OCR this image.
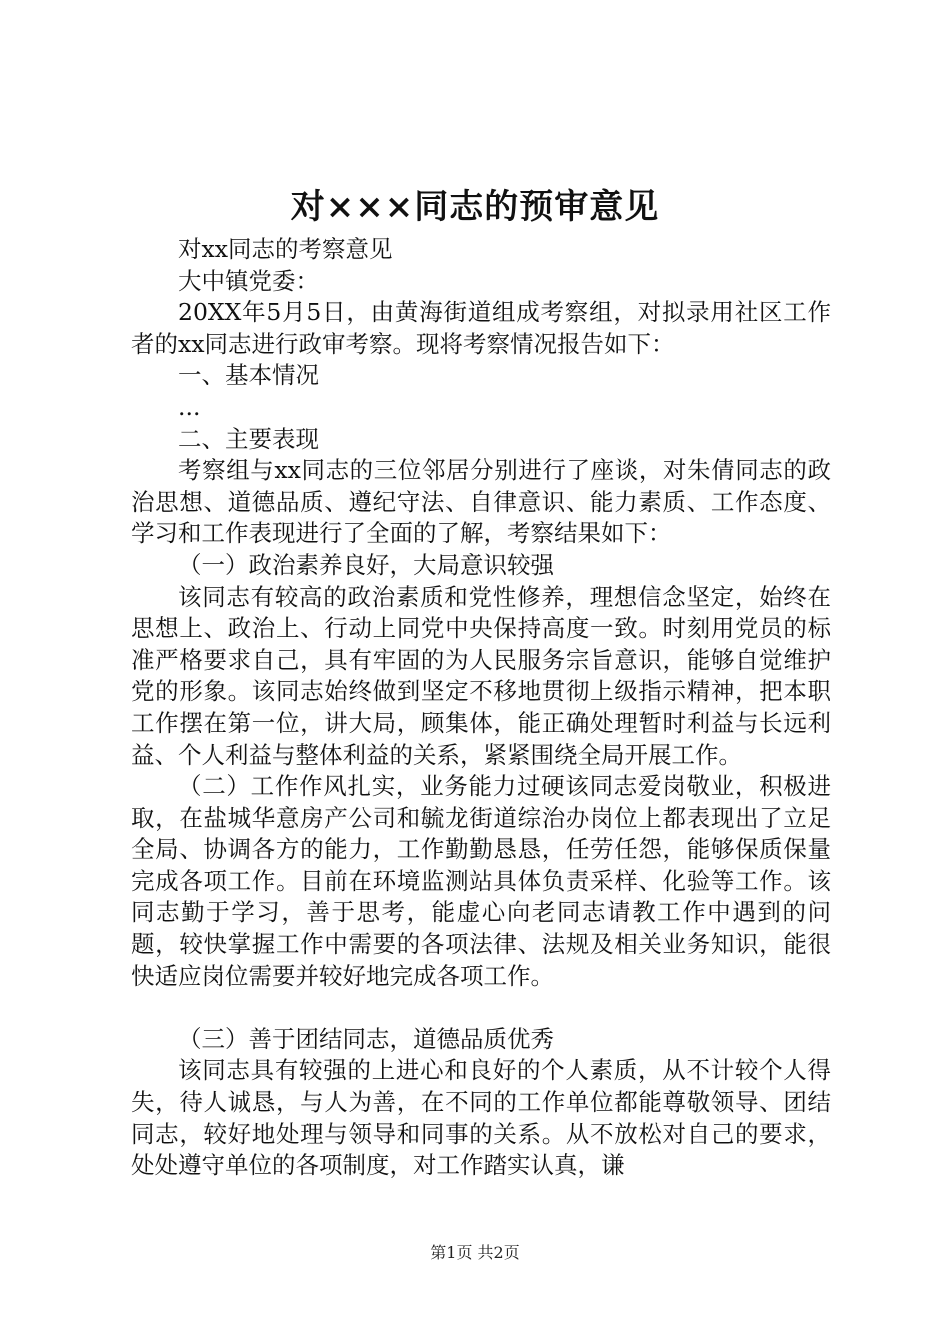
对×××同志的预审意见

对xx同志的考察意见

大中镇党委：

20XX年5月5日，由黄海街道组成考察组，对拟录用社区工作者的xx同志进行政审考察。现将考察情况报告如下：

一、基本情况

...

二、主要表现

考察组与xx同志的三位邻居分别进行了座谈，对朱倩同志的政治思想、道德品质、遵纪守法、自律意识、能力素质、工作态度、学习和工作表现进行了全面的了解，考察结果如下：

（一）政治素养良好，大局意识较强

该同志有较高的政治素质和党性修养，理想信念坚定，始终在思想上、政治上、行动上同党中央保持高度一致。时刻用党员的标准严格要求自己，具有牢固的为人民服务宗旨意识，能够自觉维护党的形象。该同志始终做到坚定不移地贯彻上级指示精神，把本职工作摆在第一位，讲大局，顾集体，能正确处理暂时利益与长远利益、个人利益与整体利益的关系，紧紧围绕全局开展工作。

（二）工作作风扎实，业务能力过硬该同志爱岗敬业，积极进取，在盐城华意房产公司和毓龙街道综治办岗位上都表现出了立足全局、协调各方的能力，工作勤勤恳恳，任劳任怨，能够保质保量完成各项工作。目前在环境监测站具体负责采样、化验等工作。该同志勤于学习，善于思考，能虚心向老同志请教工作中遇到的问题，较快掌握工作中需要的各项法律、法规及相关业务知识，能很快适应岗位需要并较好地完成各项工作。

（三）善于团结同志，道德品质优秀

该同志具有较强的上进心和良好的个人素质，从不计较个人得失，待人诚恳，与人为善，在不同的工作单位都能尊敬领导、团结同志，较好地处理与领导和同事的关系。从不放松对自己的要求，处处遵守单位的各项制度，对工作踏实认真，谦

第1页 共2页
